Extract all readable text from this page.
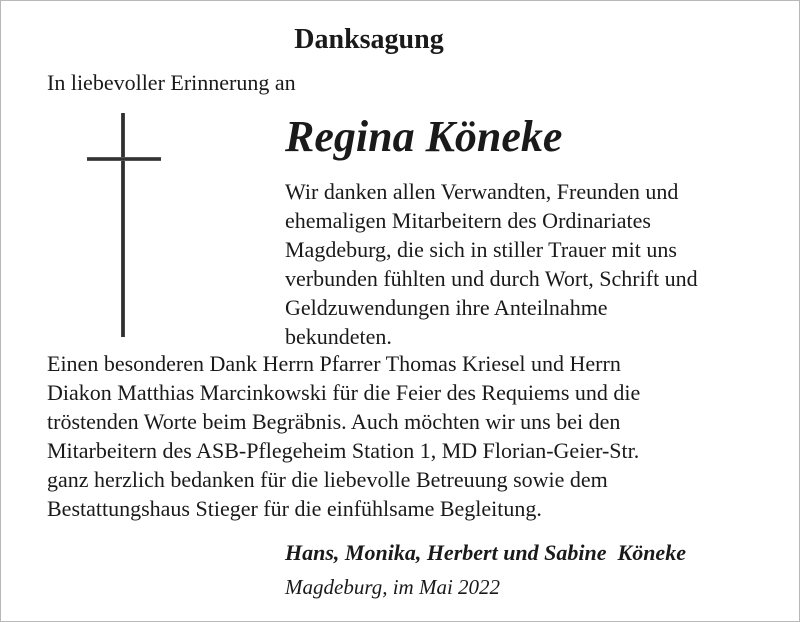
Danksagung
In liebevoller Erinnerung an
Regina Köneke
Wir danken allen Verwandten, Freunden und
ehemaligen Mitarbeitern des Ordinariates
Magdeburg, die sich in stiller Trauer mit uns
verbunden fühlten und durch Wort, Schrift und
Geldzuwendungen ihre Anteilnahme
bekundeten.
Einen besonderen Dank Herrn Pfarrer Thomas Kriesel und Herrn
Diakon Matthias Marcinkowski für die Feier des Requiems und die
tröstenden Worte beim Begräbnis. Auch möchten wir uns bei den
Mitarbeitern des ASB-Pflegeheim Station 1, MD Florian-Geier-Str.
ganz herzlich bedanken für die liebevolle Betreuung sowie dem
Bestattungshaus Stieger für die einfühlsame Begleitung.
Hans, Monika, Herbert und Sabine  Köneke
Magdeburg, im Mai 2022
